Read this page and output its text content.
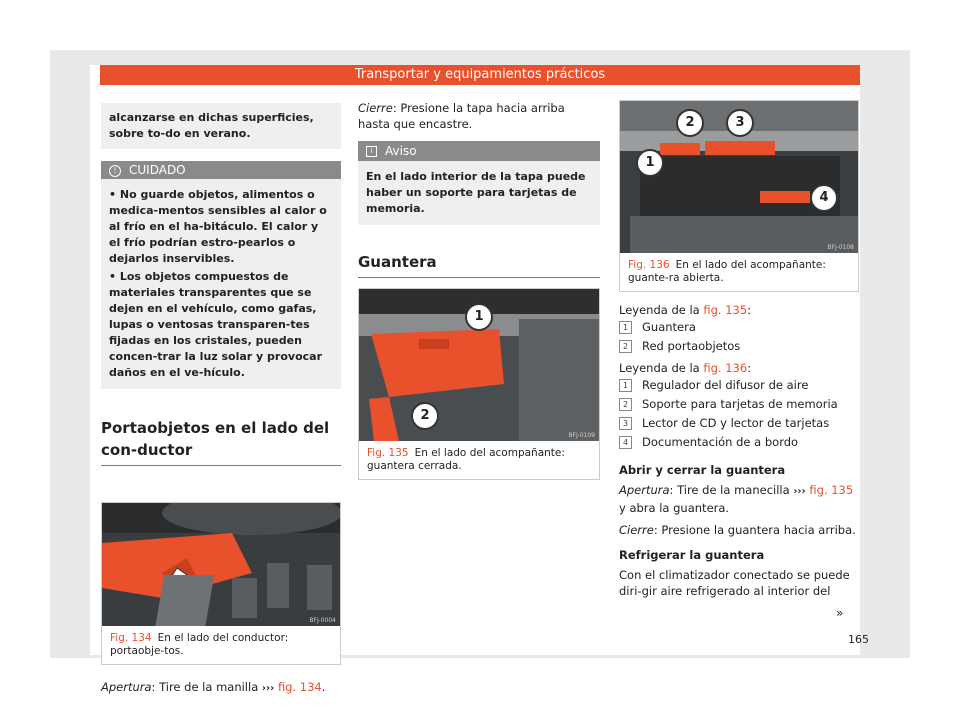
Transportar y equipamientos prácticos

alcanzarse en dichas superficies, sobre to-do en verano.

! CUIDADO

• No guarde objetos, alimentos o medica-mentos sensibles al calor o al frío en el ha-bitáculo. El calor y el frío podrían estro-pearlos o dejarlos inservibles.

• Los objetos compuestos de materiales transparentes que se dejen en el vehículo, como gafas, lupas o ventosas transparen-tes fijadas en los cristales, pueden concen-trar la luz solar y provocar daños en el ve-hículo.

Portaobjetos en el lado del con-ductor
BFJ-0004
Fig. 134 En el lado del conductor: portaobje-tos.

Apertura: Tire de la manilla ››› fig. 134.

Cierre: Presione la tapa hacia arriba hasta que encastre.

i Aviso

En el lado interior de la tapa puede haber un soporte para tarjetas de memoria.

Guantera
1
2
BFJ-0109
Fig. 135 En el lado del acompañante: guantera cerrada.
2	3
1
4
BFJ-0108
Fig. 136 En el lado del acompañante: guante-ra abierta.

Leyenda de la fig. 135:

1	Guantera
2	Red portaobjetos

Leyenda de la fig. 136:

1	Regulador del difusor de aire
2	Soporte para tarjetas de memoria
3	Lector de CD y lector de tarjetas
4	Documentación de a bordo

Abrir y cerrar la guantera

Apertura: Tire de la manecilla ››› fig. 135 y abra la guantera.

Cierre: Presione la guantera hacia arriba.

Refrigerar la guantera

Con el climatizador conectado se puede diri-gir aire refrigerado al interior del

»
165
